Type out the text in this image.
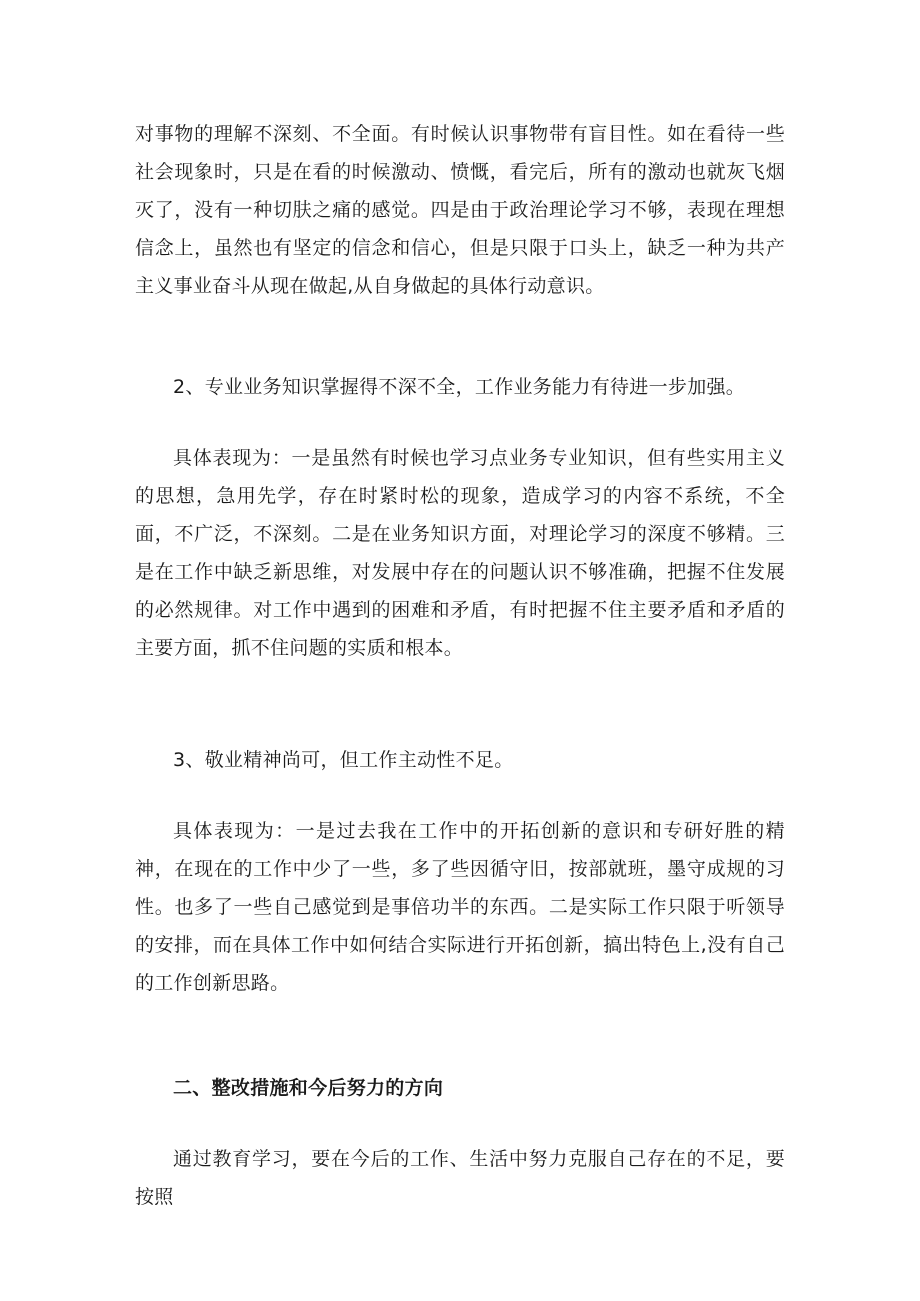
对事物的理解不深刻、不全面。有时候认识事物带有盲目性。如在看待一些社会现象时，只是在看的时候激动、愤慨，看完后，所有的激动也就灰飞烟灭了，没有一种切肤之痛的感觉。四是由于政治理论学习不够，表现在理想信念上，虽然也有坚定的信念和信心，但是只限于口头上，缺乏一种为共产主义事业奋斗从现在做起,从自身做起的具体行动意识。

2、专业业务知识掌握得不深不全，工作业务能力有待进一步加强。

具体表现为：一是虽然有时候也学习点业务专业知识，但有些实用主义的思想，急用先学，存在时紧时松的现象，造成学习的内容不系统，不全面，不广泛，不深刻。二是在业务知识方面，对理论学习的深度不够精。三是在工作中缺乏新思维，对发展中存在的问题认识不够准确，把握不住发展的必然规律。对工作中遇到的困难和矛盾，有时把握不住主要矛盾和矛盾的主要方面，抓不住问题的实质和根本。

3、敬业精神尚可，但工作主动性不足。

具体表现为：一是过去我在工作中的开拓创新的意识和专研好胜的精神，在现在的工作中少了一些，多了些因循守旧，按部就班，墨守成规的习性。也多了一些自己感觉到是事倍功半的东西。二是实际工作只限于听领导的安排，而在具体工作中如何结合实际进行开拓创新，搞出特色上,没有自己的工作创新思路。

二、整改措施和今后努力的方向

通过教育学习，要在今后的工作、生活中努力克服自己存在的不足，要按照
